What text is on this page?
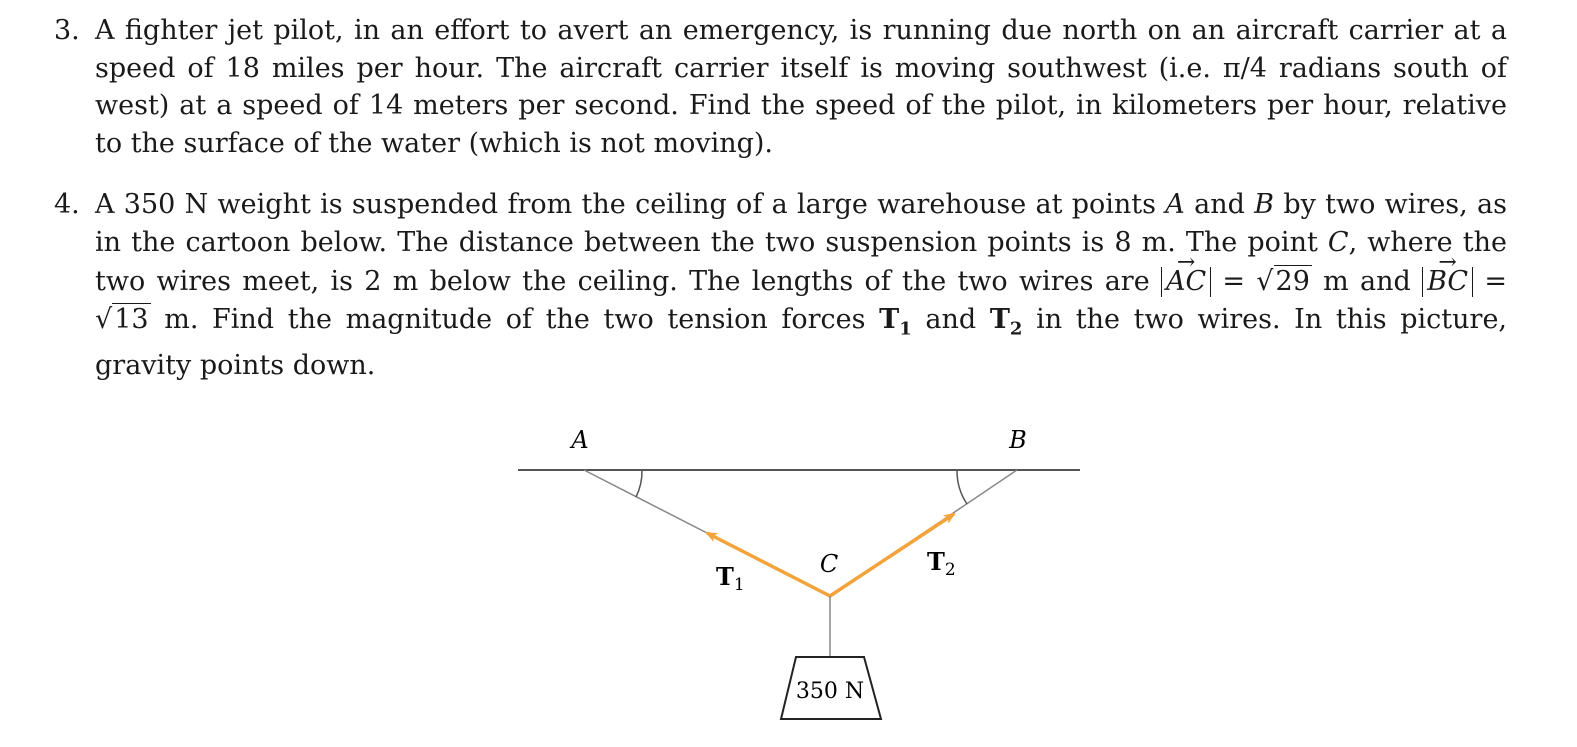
3. A fighter jet pilot, in an effort to avert an emergency, is running due north on an aircraft carrier at a speed of 18 miles per hour. The aircraft carrier itself is moving southwest (i.e. π/4 radians south of west) at a speed of 14 meters per second. Find the speed of the pilot, in kilometers per hour, relative to the surface of the water (which is not moving).
4. A 350 N weight is suspended from the ceiling of a large warehouse at points A and B by two wires, as in the cartoon below. The distance between the two suspension points is 8 m. The point C, where the two wires meet, is 2 m below the ceiling. The lengths of the two wires are → AC = √29 m and → BC = √13 m. Find the magnitude of the two tension forces $T_1$ and $T_2$ in the two wires. In this picture, gravity points down.
350 N
A	B
C
$T_1$
$T_2$
